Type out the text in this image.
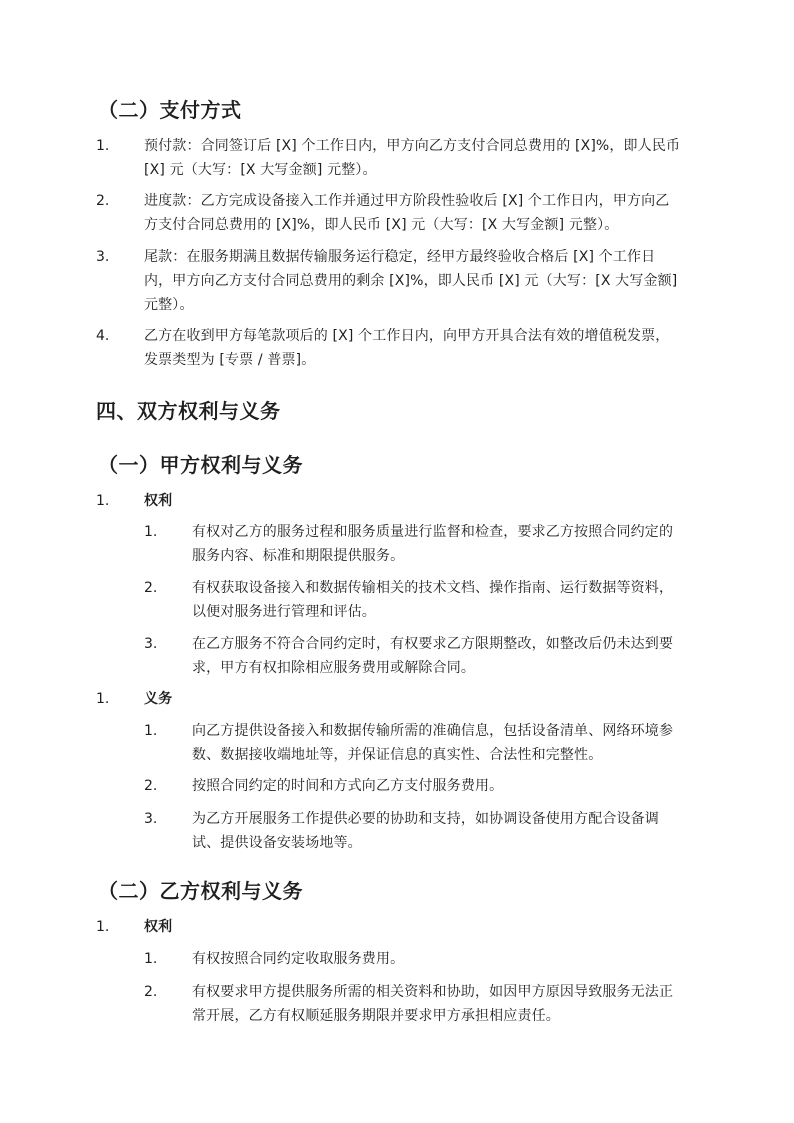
（二）支付方式
1. 预付款：合同签订后 [X] 个工作日内，甲方向乙方支付合同总费用的 [X]%，即人民币
[X] 元（大写：[X 大写金额] 元整）。
2. 进度款：乙方完成设备接入工作并通过甲方阶段性验收后 [X] 个工作日内，甲方向乙
方支付合同总费用的 [X]%，即人民币 [X] 元（大写：[X 大写金额] 元整）。
3. 尾款：在服务期满且数据传输服务运行稳定，经甲方最终验收合格后 [X] 个工作日
内，甲方向乙方支付合同总费用的剩余 [X]%，即人民币 [X] 元（大写：[X 大写金额]
元整）。
4. 乙方在收到甲方每笔款项后的 [X] 个工作日内，向甲方开具合法有效的增值税发票，
发票类型为 [专票 / 普票]。
四、双方权利与义务
（一）甲方权利与义务
1. 权利
1. 有权对乙方的服务过程和服务质量进行监督和检查，要求乙方按照合同约定的
服务内容、标准和期限提供服务。
2. 有权获取设备接入和数据传输相关的技术文档、操作指南、运行数据等资料，
以便对服务进行管理和评估。
3. 在乙方服务不符合合同约定时，有权要求乙方限期整改，如整改后仍未达到要
求，甲方有权扣除相应服务费用或解除合同。
1. 义务
1. 向乙方提供设备接入和数据传输所需的准确信息，包括设备清单、网络环境参
数、数据接收端地址等，并保证信息的真实性、合法性和完整性。
2. 按照合同约定的时间和方式向乙方支付服务费用。
3. 为乙方开展服务工作提供必要的协助和支持，如协调设备使用方配合设备调
试、提供设备安装场地等。
（二）乙方权利与义务
1. 权利
1. 有权按照合同约定收取服务费用。
2. 有权要求甲方提供服务所需的相关资料和协助，如因甲方原因导致服务无法正
常开展，乙方有权顺延服务期限并要求甲方承担相应责任。
